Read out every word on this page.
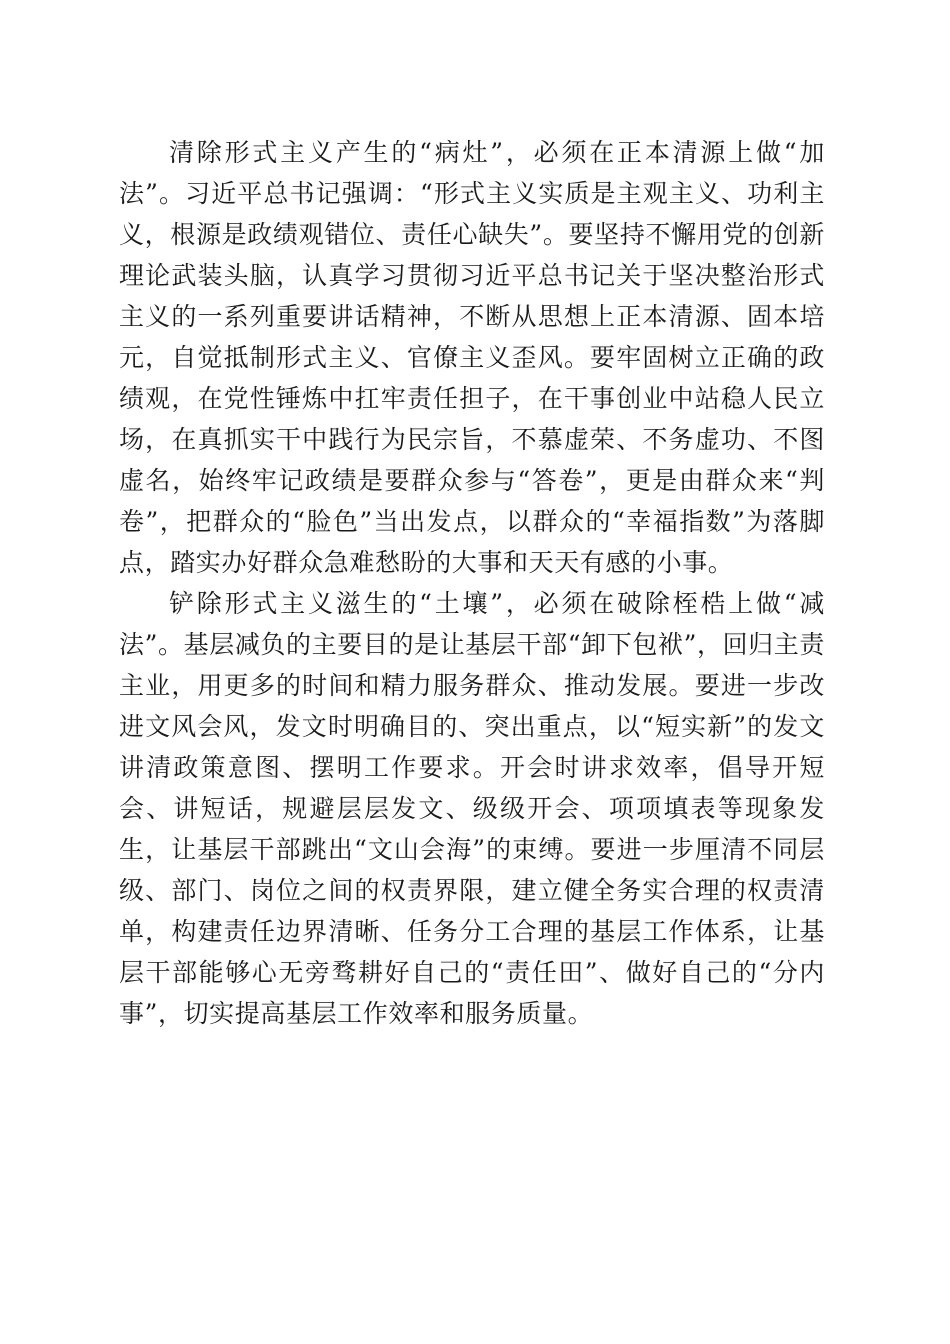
清除形式主义产生的“病灶”，必须在正本清源上做“加法”。习近平总书记强调：“形式主义实质是主观主义、功利主义，根源是政绩观错位、责任心缺失”。要坚持不懈用党的创新理论武装头脑，认真学习贯彻习近平总书记关于坚决整治形式主义的一系列重要讲话精神，不断从思想上正本清源、固本培元，自觉抵制形式主义、官僚主义歪风。要牢固树立正确的政绩观，在党性锤炼中扛牢责任担子，在干事创业中站稳人民立场，在真抓实干中践行为民宗旨，不慕虚荣、不务虚功、不图虚名，始终牢记政绩是要群众参与“答卷”，更是由群众来“判卷”，把群众的“脸色”当出发点，以群众的“幸福指数”为落脚点，踏实办好群众急难愁盼的大事和天天有感的小事。

铲除形式主义滋生的“土壤”，必须在破除桎梏上做“减法”。基层减负的主要目的是让基层干部“卸下包袱”，回归主责主业，用更多的时间和精力服务群众、推动发展。要进一步改进文风会风，发文时明确目的、突出重点，以“短实新”的发文讲清政策意图、摆明工作要求。开会时讲求效率，倡导开短会、讲短话，规避层层发文、级级开会、项项填表等现象发生，让基层干部跳出“文山会海”的束缚。要进一步厘清不同层级、部门、岗位之间的权责界限，建立健全务实合理的权责清单，构建责任边界清晰、任务分工合理的基层工作体系，让基层干部能够心无旁骛耕好自己的“责任田”、做好自己的“分内事”，切实提高基层工作效率和服务质量。
